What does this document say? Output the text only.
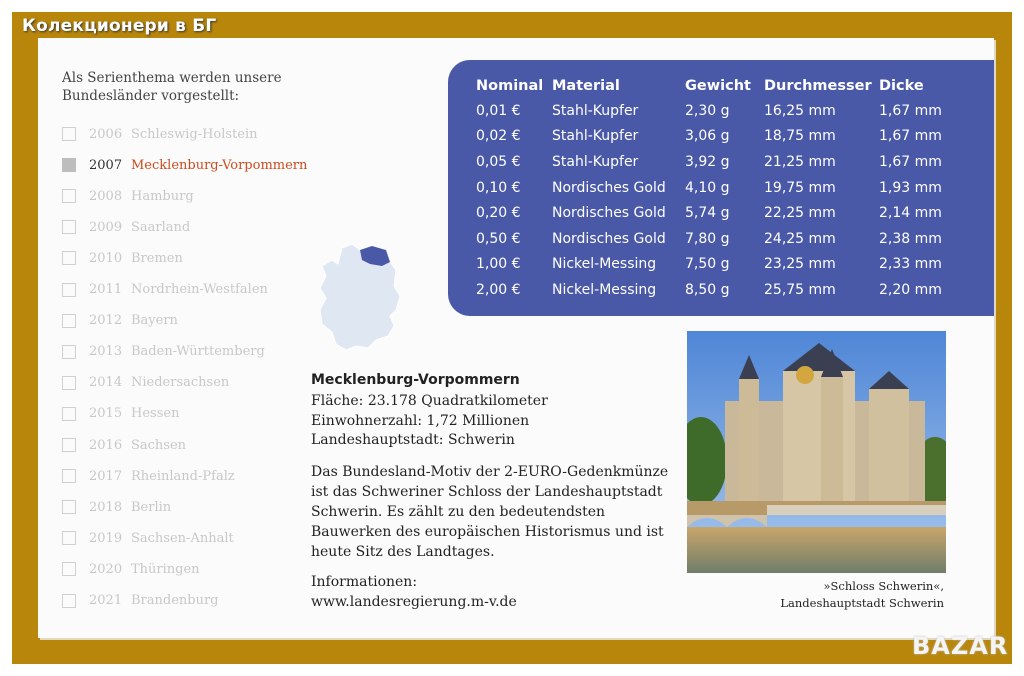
Колекционери в БГ
Als Serienthema werden unsere
Bundesländer vorgestellt:
2006 Schleswig-Holstein
2007 Mecklenburg-Vorpommern
2008 Hamburg
2009 Saarland
2010 Bremen
2011 Nordrhein-Westfalen
2012 Bayern
2013 Baden-Württemberg
2014 Niedersachsen
2015 Hessen
2016 Sachsen
2017 Rheinland-Pfalz
2018 Berlin
2019 Sachsen-Anhalt
2020 Thüringen
2021 Brandenburg
Nominal	Material	Gewicht	Durchmesser	Dicke
0,01 €	Stahl-Kupfer	2,30 g	16,25 mm	1,67 mm
0,02 €	Stahl-Kupfer	3,06 g	18,75 mm	1,67 mm
0,05 €	Stahl-Kupfer	3,92 g	21,25 mm	1,67 mm
0,10 €	Nordisches Gold	4,10 g	19,75 mm	1,93 mm
0,20 €	Nordisches Gold	5,74 g	22,25 mm	2,14 mm
0,50 €	Nordisches Gold	7,80 g	24,25 mm	2,38 mm
1,00 €	Nickel-Messing	7,50 g	23,25 mm	2,33 mm
2,00 €	Nickel-Messing	8,50 g	25,75 mm	2,20 mm
Mecklenburg-Vorpommern
Fläche: 23.178 Quadratkilometer
Einwohnerzahl: 1,72 Millionen
Landeshauptstadt: Schwerin
Das Bundesland-Motiv der 2-EURO-Gedenkmünze ist das Schweriner Schloss der Landeshauptstadt Schwerin. Es zählt zu den bedeutendsten Bauwerken des europäischen Historismus und ist heute Sitz des Landtages.
Informationen:
www.landesregierung.m-v.de
»Schloss Schwerin«,
Landeshauptstadt Schwerin
BAZAR
